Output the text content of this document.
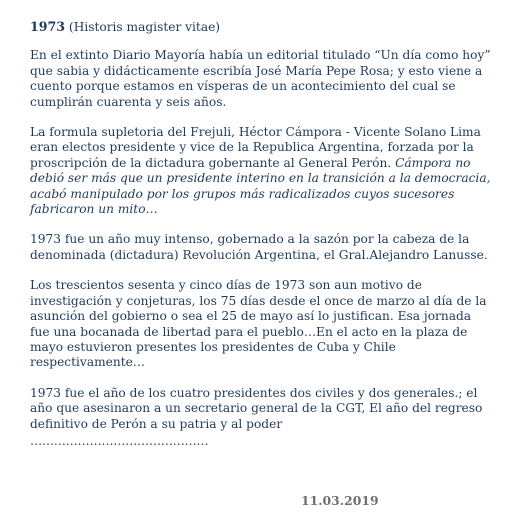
1973 (Historis magister vitae)

En el extinto Diario Mayoría había un editorial titulado “Un día como hoy” que sabia y didácticamente escribía José María Pepe Rosa; y esto viene a cuento porque estamos en vísperas de un acontecimiento del cual se cumplirán cuarenta y seis años.

La formula supletoria del Frejuli, Héctor Cámpora - Vicente Solano Lima eran electos presidente y vice de la Republica Argentina, forzada por la proscripción de la dictadura gobernante al General Perón. Cámpora no debió ser más que un presidente interino en la transición a la democracia, acabó manipulado por los grupos más radicalizados cuyos sucesores fabricaron un mito…

1973 fue un año muy intenso, gobernado a la sazón por la cabeza de la denominada (dictadura) Revolución Argentina, el Gral.Alejandro Lanusse.

Los trescientos sesenta y cinco días de 1973 son aun motivo de investigación y conjeturas, los 75 días desde el once de marzo al día de la asunción del gobierno o sea el 25 de mayo así lo justifican. Esa jornada fue una bocanada de libertad para el pueblo…En el acto en la plaza de mayo estuvieron presentes los presidentes de Cuba y Chile respectivamente…

1973 fue el año de los cuatro presidentes dos civiles y dos generales.; el año que asesinaron a un secretario general de la CGT, El año del regreso definitivo de Perón a su patria y al poder

………………………………………
11.03.2019
